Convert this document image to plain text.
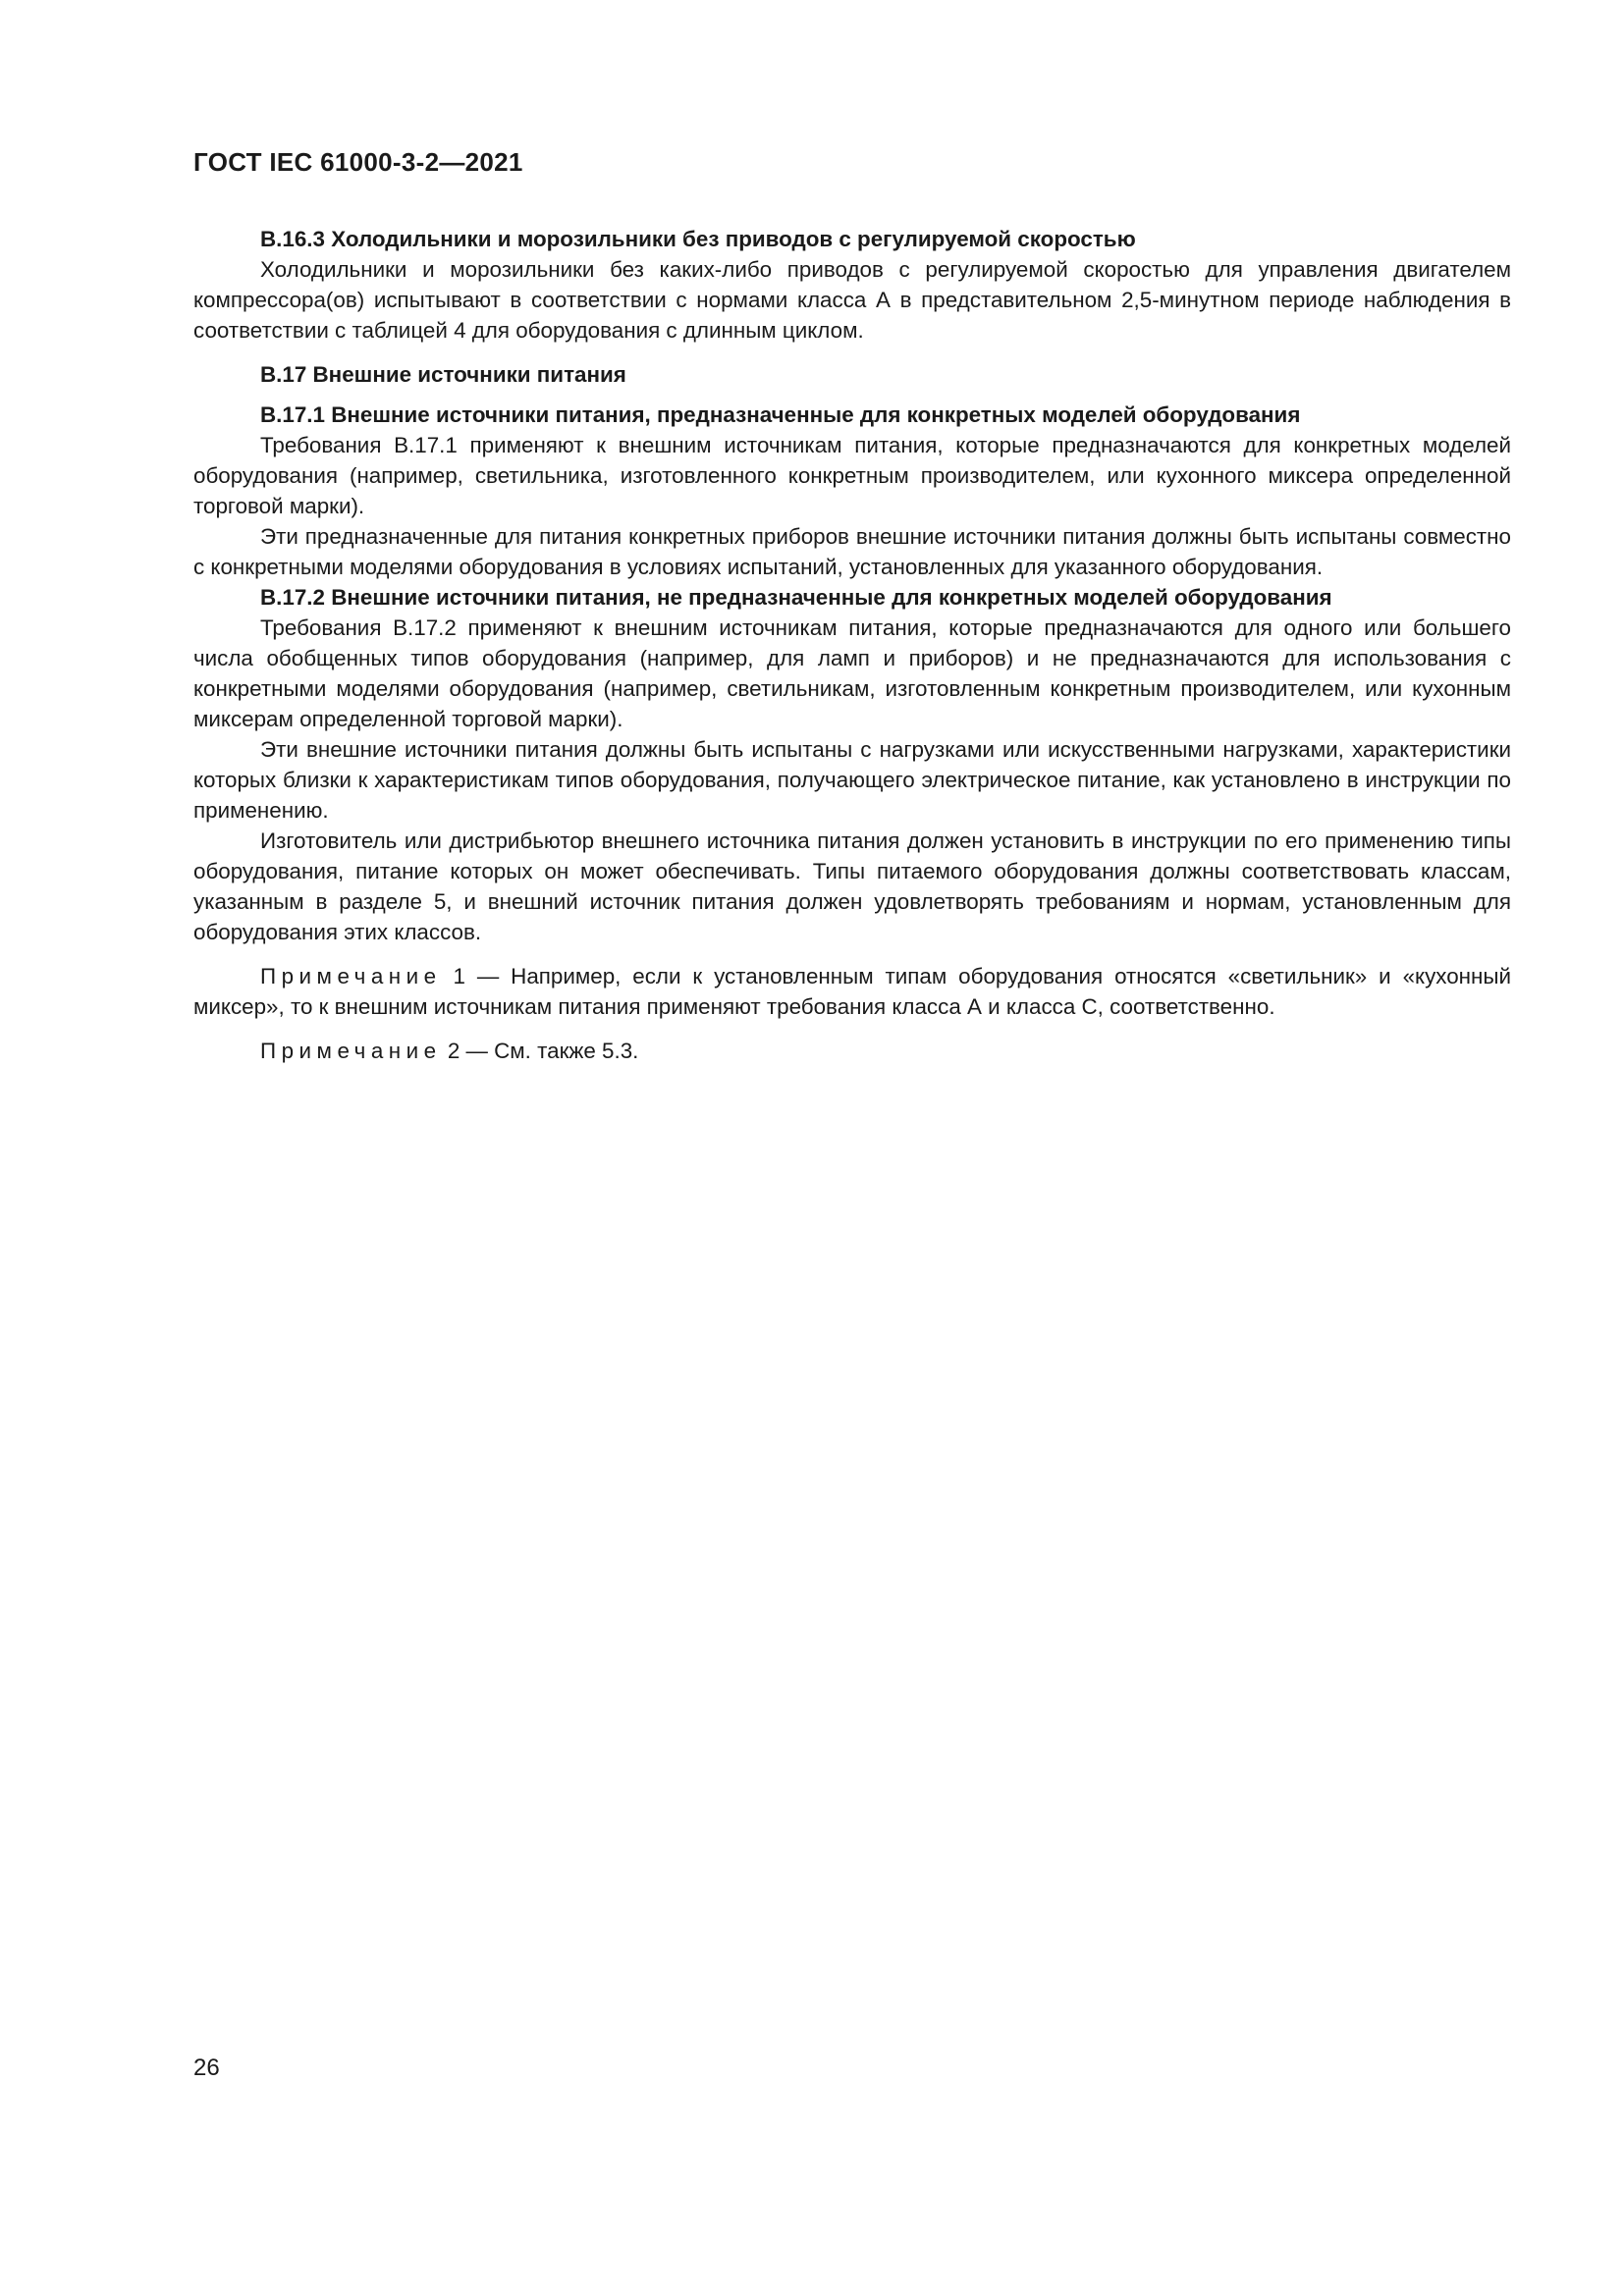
ГОСТ IEC 61000-3-2—2021
В.16.3 Холодильники и морозильники без приводов с регулируемой скоростью

Холодильники и морозильники без каких-либо приводов с регулируемой скоростью для управления двигателем компрессора(ов) испытывают в соответствии с нормами класса А в представительном 2,5-минутном периоде наблюдения в соответствии с таблицей 4 для оборудования с длинным циклом.

В.17 Внешние источники питания
В.17.1 Внешние источники питания, предназначенные для конкретных моделей оборудования

Требования В.17.1 применяют к внешним источникам питания, которые предназначаются для конкретных моделей оборудования (например, светильника, изготовленного конкретным производителем, или кухонного миксера определенной торговой марки).

Эти предназначенные для питания конкретных приборов внешние источники питания должны быть испытаны совместно с конкретными моделями оборудования в условиях испытаний, установленных для указанного оборудования.

В.17.2 Внешние источники питания, не предназначенные для конкретных моделей оборудования

Требования В.17.2 применяют к внешним источникам питания, которые предназначаются для одного или большего числа обобщенных типов оборудования (например, для ламп и приборов) и не предназначаются для использования с конкретными моделями оборудования (например, светильникам, изготовленным конкретным производителем, или кухонным миксерам определенной торговой марки).

Эти внешние источники питания должны быть испытаны с нагрузками или искусственными нагрузками, характеристики которых близки к характеристикам типов оборудования, получающего электрическое питание, как установлено в инструкции по применению.

Изготовитель или дистрибьютор внешнего источника питания должен установить в инструкции по его применению типы оборудования, питание которых он может обеспечивать. Типы питаемого оборудования должны соответствовать классам, указанным в разделе 5, и внешний источник питания должен удовлетворять требованиям и нормам, установленным для оборудования этих классов.

Примечание 1 — Например, если к установленным типам оборудования относятся «светильник» и «кухонный миксер», то к внешним источникам питания применяют требования класса А и класса С, соответственно.

Примечание 2 — См. также 5.3.

26
